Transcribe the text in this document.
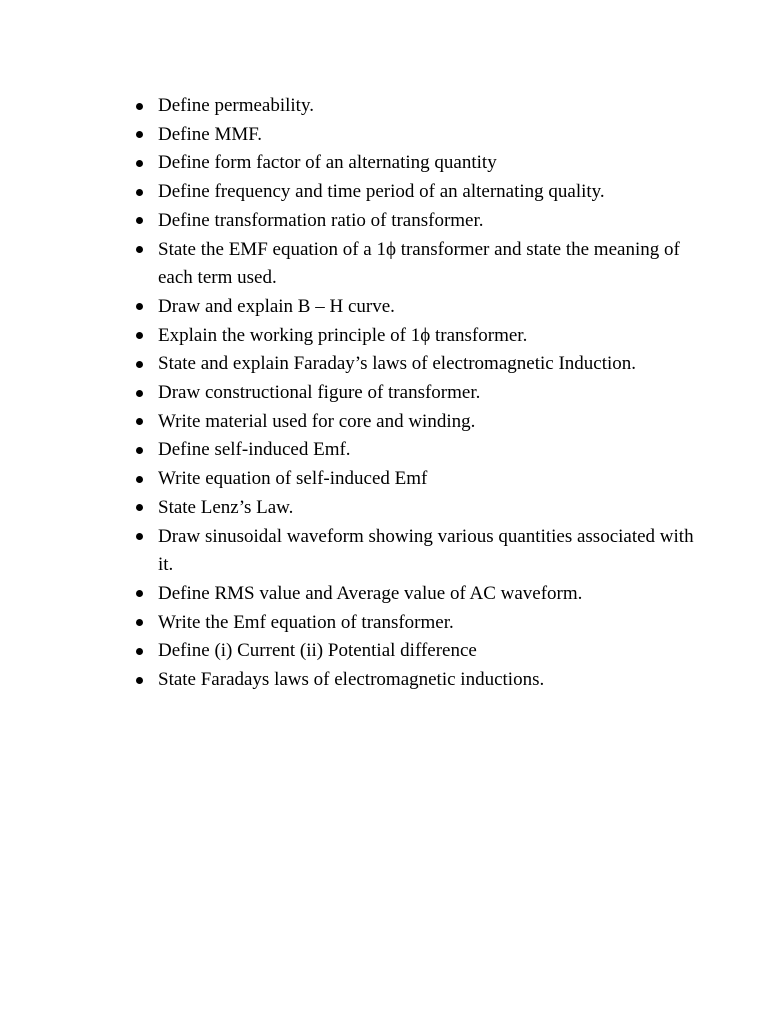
Define permeability.
Define MMF.
Define form factor of an alternating quantity
Define frequency and time period of an alternating quality.
Define transformation ratio of transformer.
State the EMF equation of a 1ϕ transformer and state the meaning of each term used.
Draw and explain B – H curve.
Explain the working principle of 1ϕ transformer.
State and explain Faraday’s laws of electromagnetic Induction.
Draw constructional figure of transformer.
Write material used for core and winding.
Define self-induced Emf.
Write equation of self-induced Emf
State Lenz’s Law.
Draw sinusoidal waveform showing various quantities associated with it.
Define RMS value and Average value of AC waveform.
Write the Emf equation of transformer.
Define (i) Current (ii) Potential difference
State Faradays laws of electromagnetic inductions.
